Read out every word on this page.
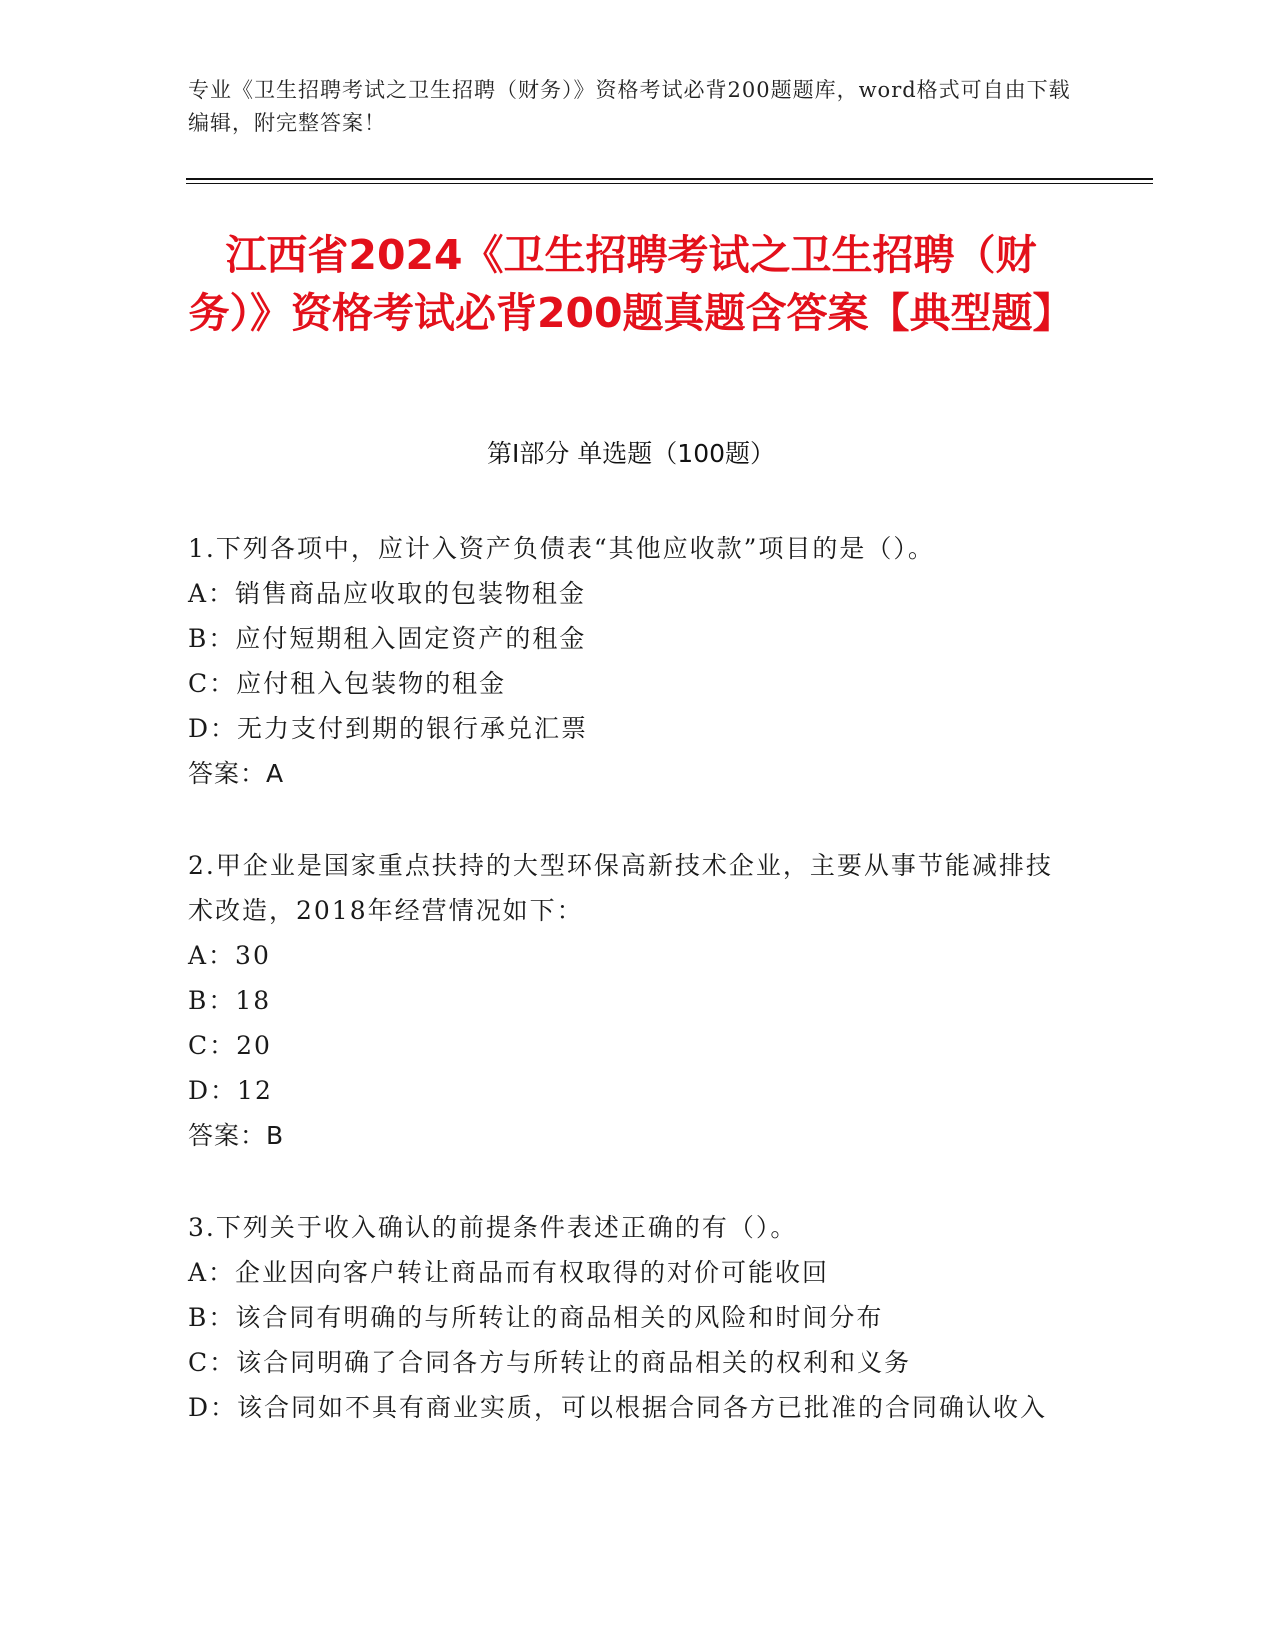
专业《卫生招聘考试之卫生招聘（财务）》资格考试必背200题题库，word格式可自由下载编辑，附完整答案！
江西省2024《卫生招聘考试之卫生招聘（财务）》资格考试必背200题真题含答案【典型题】
第I部分 单选题（100题）
1.下列各项中，应计入资产负债表“其他应收款”项目的是（）。
A：销售商品应收取的包装物租金
B：应付短期租入固定资产的租金
C：应付租入包装物的租金
D：无力支付到期的银行承兑汇票
答案：A
2.甲企业是国家重点扶持的大型环保高新技术企业，主要从事节能减排技术改造，2018年经营情况如下：
A：30
B：18
C：20
D：12
答案：B
3.下列关于收入确认的前提条件表述正确的有（）。
A：企业因向客户转让商品而有权取得的对价可能收回
B：该合同有明确的与所转让的商品相关的风险和时间分布
C：该合同明确了合同各方与所转让的商品相关的权利和义务
D：该合同如不具有商业实质，可以根据合同各方已批准的合同确认收入
